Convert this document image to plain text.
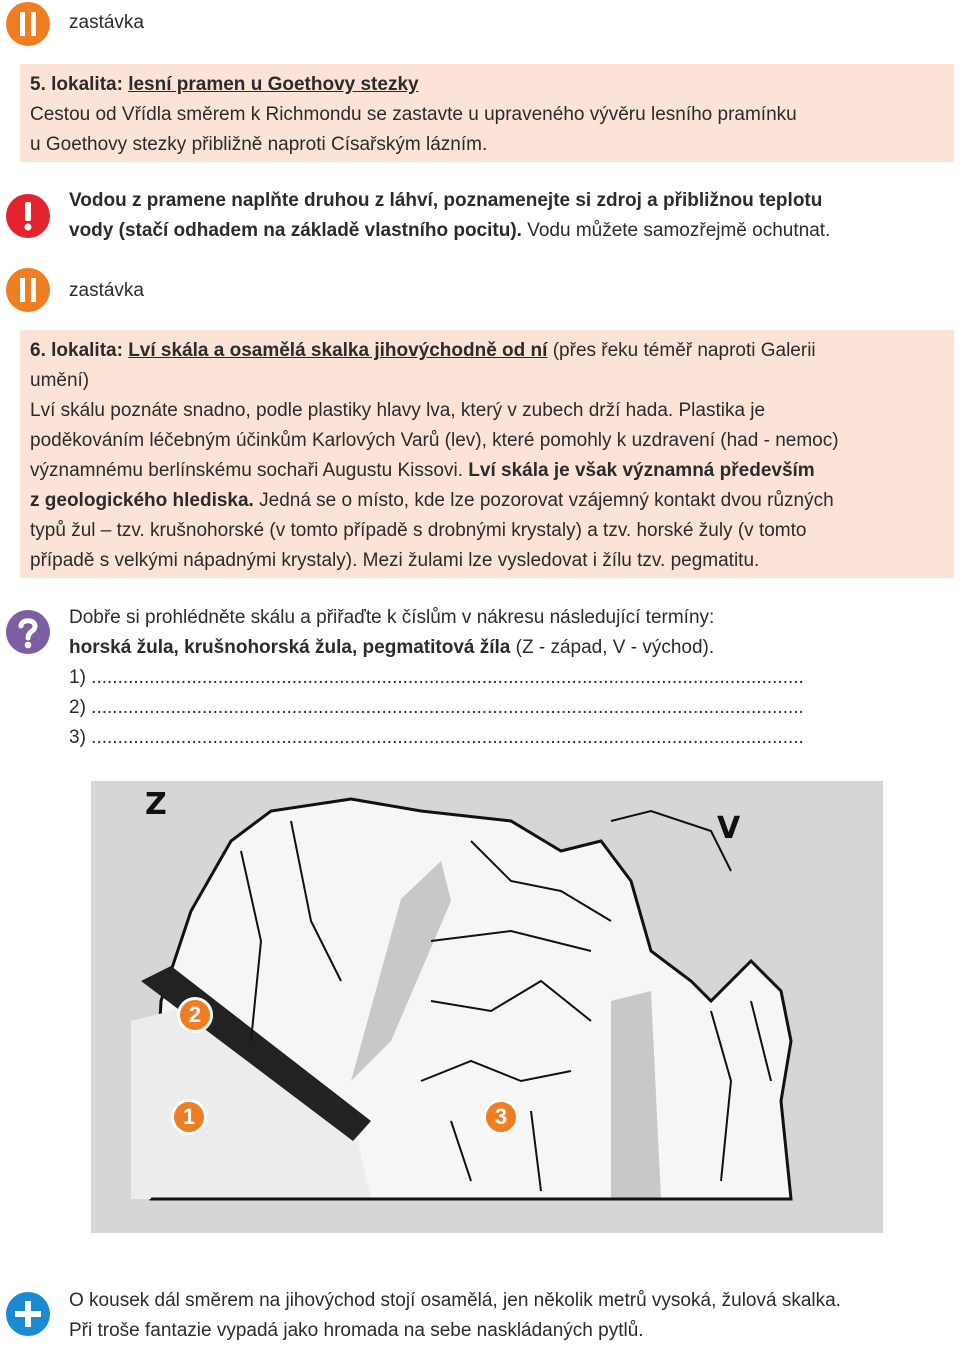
zastávka
5. lokalita: lesní pramen u Goethovy stezky
Cestou od Vřídla směrem k Richmondu se zastavte u upraveného vývěru lesního pramínku
u Goethovy stezky přibližně naproti Císařským lázním.
Vodou z pramene naplňte druhou z láhví, poznamenejte si zdroj a přibližnou teplotu
vody (stačí odhadem na základě vlastního pocitu). Vodu můžete samozřejmě ochutnat.
zastávka
6. lokalita: Lví skála a osamělá skalka jihovýchodně od ní (přes řeku téměř naproti Galerii
umění)
Lví skálu poznáte snadno, podle plastiky hlavy lva, který v zubech drží hada. Plastika je
poděkováním léčebným účinkům Karlových Varů (lev), které pomohly k uzdravení (had - nemoc)
významnému berlínskému sochaři Augustu Kissovi. Lví skála je však významná především
z geologického hlediska. Jedná se o místo, kde lze pozorovat vzájemný kontakt dvou různých
typů žul – tzv. krušnohorské (v tomto případě s drobnými krystaly) a tzv. horské žuly (v tomto
případě s velkými nápadnými krystaly). Mezi žulami lze vysledovat i žílu tzv. pegmatitu.
Dobře si prohlédněte skálu a přiřaďte k číslům v nákresu následující termíny:
horská žula, krušnohorská žula, pegmatitová žíla (Z - západ, V - východ).
1) .......................................................................................................................................
2) .......................................................................................................................................
3) .......................................................................................................................................
Z
V
2
1	3
O kousek dál směrem na jihovýchod stojí osamělá, jen několik metrů vysoká, žulová skalka.
Při troše fantazie vypadá jako hromada na sebe naskládaných pytlů.
